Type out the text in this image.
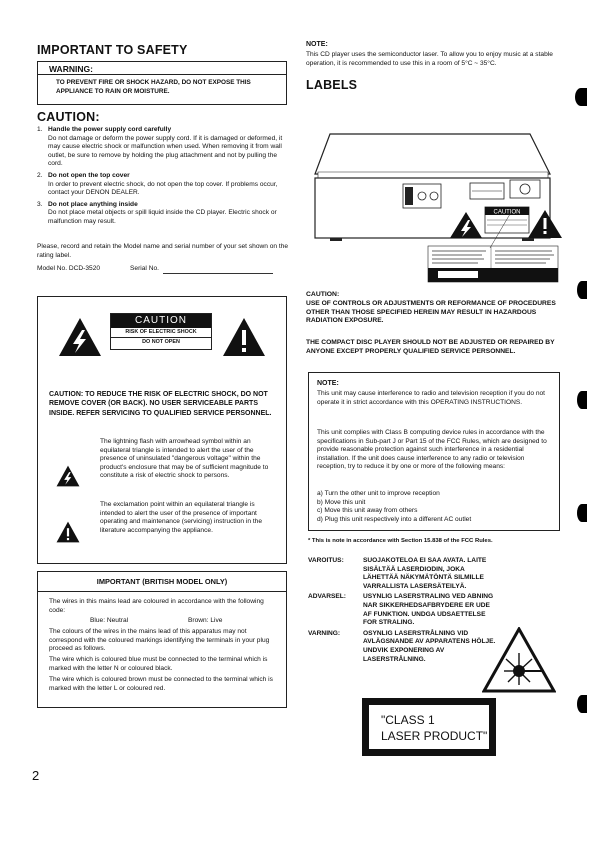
IMPORTANT TO SAFETY
WARNING:
TO PREVENT FIRE OR SHOCK HAZARD, DO NOT EXPOSE THIS APPLIANCE TO RAIN OR MOISTURE.
CAUTION:
1. Handle the power supply cord carefully
Do not damage or deform the power supply cord. If it is damaged or deformed, it may cause electric shock or malfunction when used. When removing it from wall outlet, be sure to remove by holding the plug attachment and not by pulling the cord.
2. Do not open the top cover
In order to prevent electric shock, do not open the top cover. If problems occur, contact your DENON DEALER.
3. Do not place anything inside
Do not place metal objects or spill liquid inside the CD player. Electric shock or malfunction may result.
Please, record and retain the Model name and serial number of your set shown on the rating label.
Model No. DCD-3520	Serial No.
CAUTION
RISK OF ELECTRIC SHOCK
DO NOT OPEN
CAUTION: TO REDUCE THE RISK OF ELECTRIC SHOCK, DO NOT REMOVE COVER (OR BACK). NO USER SERVICEABLE PARTS INSIDE. REFER SERVICING TO QUALIFIED SERVICE PERSONNEL.
The lightning flash with arrowhead symbol within an equilateral triangle is intended to alert the user of the presence of uninsulated "dangerous voltage" within the product's enclosure that may be of sufficient magnitude to constitute a risk of electric shock to persons.
The exclamation point within an equilateral triangle is intended to alert the user of the presence of important operating and maintenance (servicing) instruction in the literature accompanying the appliance.
IMPORTANT (BRITISH MODEL ONLY)
The wires in this mains lead are coloured in accordance with the following code:
Blue: Neutral	Brown: Live
The colours of the wires in the mains lead of this apparatus may not correspond with the coloured markings identifying the terminals in your plug proceed as follows.
The wire which is coloured blue must be connected to the terminal which is marked with the letter N or coloured black.
The wire which is coloured brown must be connected to the terminal which is marked with the letter L or coloured red.
2
NOTE:
This CD player uses the semiconductor laser. To allow you to enjoy music at a stable operation, it is recommended to use this in a room of 5°C ~ 35°C.
LABELS
CAUTION
CAUTION:
USE OF CONTROLS OR ADJUSTMENTS OR REFORMANCE OF PROCEDURES OTHER THAN THOSE SPECIFIED HEREIN MAY RESULT IN HAZARDOUS RADIATION EXPOSURE.
THE COMPACT DISC PLAYER SHOULD NOT BE ADJUSTED OR REPAIRED BY ANYONE EXCEPT PROPERLY QUALIFIED SERVICE PERSONNEL.
NOTE:
This unit may cause interference to radio and television reception if you do not operate it in strict accordance with this OPERATING INSTRUCTIONS.
This unit complies with Class B computing device rules in accordance with the specifications in Sub-part J or Part 15 of the FCC Rules, which are designed to provide reasonable protection against such interference in a residential installation. If the unit does cause interference to any radio or television reception, try to reduce it by one or more of the following means:
a) Turn the other unit to improve reception
b) Move this unit
c) Move this unit away from others
d) Plug this unit respectively into a different AC outlet
* This is note in accordance with Section 15.838 of the FCC Rules.
VAROITUS:	SUOJAKOTELOA EI SAA AVATA. LAITE SISÄLTÄÄ LASERDIODIN, JOKA LÄHETTÄÄ NÄKYMÄTÖNTÄ SILMILLE VARRALLISTA LASERSÄTEILYÄ.
ADVARSEL:	USYNLIG LASERSTRALING VED ABNING NAR SIKKERHEDSAFBRYDERE ER UDE AF FUNKTION. UNDGA UDSAETTELSE FOR STRALING.
VARNING:	OSYNLIG LASERSTRÅLNING VID AVLÄGSNANDE AV APPARATENS HÖLJE. UNDVIK EXPONERING AV LASERSTRÅLNING.
"CLASS 1
LASER PRODUCT"
